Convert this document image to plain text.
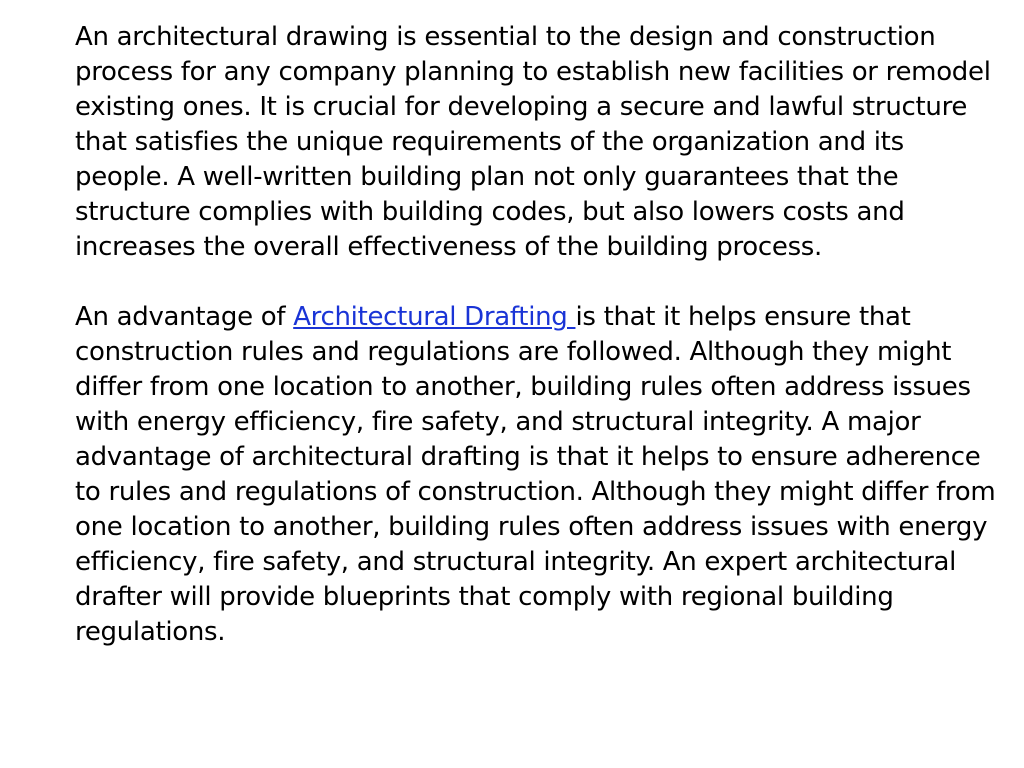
An architectural drawing is essential to the design and construction process for any company planning to establish new facilities or remodel existing ones. It is crucial for developing a secure and lawful structure that satisfies the unique requirements of the organization and its people. A well-written building plan not only guarantees that the structure complies with building codes, but also lowers costs and increases the overall effectiveness of the building process.

An advantage of Architectural Drafting is that it helps ensure that construction rules and regulations are followed. Although they might differ from one location to another, building rules often address issues with energy efficiency, fire safety, and structural integrity. A major advantage of architectural drafting is that it helps to ensure adherence to rules and regulations of construction. Although they might differ from one location to another, building rules often address issues with energy efficiency, fire safety, and structural integrity. An expert architectural drafter will provide blueprints that comply with regional building regulations.
